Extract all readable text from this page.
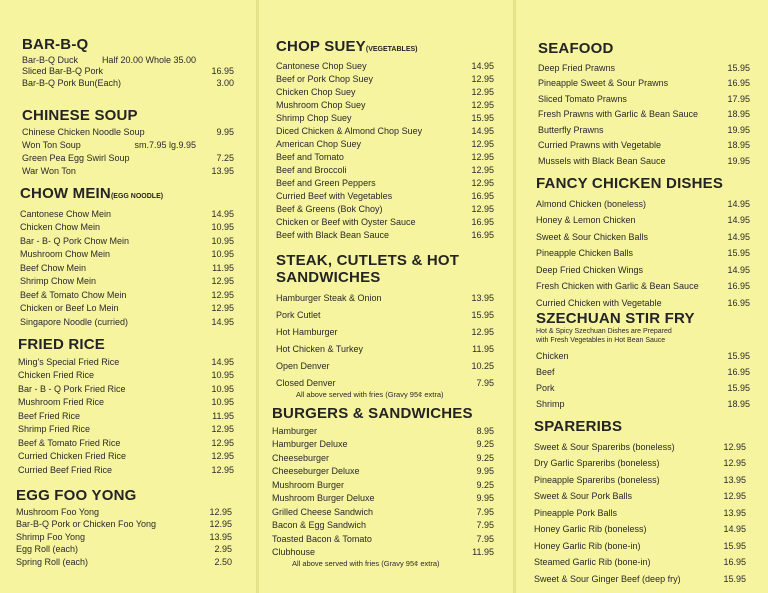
BAR-B-Q
Bar-B-Q Duck	Half 20.00 Whole 35.00
Sliced Bar-B-Q Pork	16.95
Bar-B-Q Pork Bun(Each)	3.00
CHINESE SOUP
Chinese Chicken Noodle Soup	9.95
Won Ton Soup	sm.7.95 lg.9.95
Green Pea Egg Swirl Soup	7.25
War Won Ton	13.95
CHOW MEIN(EGG NOODLE)
Cantonese Chow Mein	14.95
Chicken Chow Mein	10.95
Bar - B- Q Pork Chow Mein	10.95
Mushroom Chow Mein	10.95
Beef Chow Mein	11.95
Shrimp Chow Mein	12.95
Beef & Tomato Chow Mein	12.95
Chicken or Beef Lo Mein	12.95
Singapore Noodle (curried)	14.95
FRIED RICE
Ming's Special Fried Rice	14.95
Chicken Fried Rice	10.95
Bar - B - Q Pork Fried Rice	10.95
Mushroom Fried Rice	10.95
Beef Fried Rice	11.95
Shrimp Fried Rice	12.95
Beef & Tomato Fried Rice	12.95
Curried Chicken Fried Rice	12.95
Curried Beef Fried Rice	12.95
EGG FOO YONG
Mushroom Foo Yong	12.95
Bar-B-Q Pork or Chicken Foo Yong	12.95
Shrimp Foo Yong	13.95
Egg Roll (each)	2.95
Spring Roll (each)	2.50
CHOP SUEY(VEGETABLES)
Cantonese Chop Suey	14.95
Beef or Pork Chop Suey	12.95
Chicken Chop Suey	12.95
Mushroom Chop Suey	12.95
Shrimp Chop Suey	15.95
Diced Chicken & Almond Chop Suey	14.95
American Chop Suey	12.95
Beef and Tomato	12.95
Beef and Broccoli	12.95
Beef and Green Peppers	12.95
Curried Beef with Vegetables	16.95
Beef & Greens (Bok Choy)	12.95
Chicken or Beef with Oyster Sauce	16.95
Beef with Black Bean Sauce	16.95
STEAK, CUTLETS & HOT
SANDWICHES
Hamburger Steak & Onion	13.95
Pork Cutlet	15.95
Hot Hamburger	12.95
Hot Chicken & Turkey	11.95
Open Denver	10.25
Closed Denver	7.95
All above served with fries (Gravy 95¢ extra)
BURGERS & SANDWICHES
Hamburger	8.95
Hamburger Deluxe	9.25
Cheeseburger	9.25
Cheeseburger Deluxe	9.95
Mushroom Burger	9.25
Mushroom Burger Deluxe	9.95
Grilled Cheese Sandwich	7.95
Bacon & Egg Sandwich	7.95
Toasted Bacon & Tomato	7.95
Clubhouse	11.95
All above served with fries (Gravy 95¢ extra)
SEAFOOD
Deep Fried Prawns	15.95
Pineapple Sweet & Sour Prawns	16.95
Sliced Tomato Prawns	17.95
Fresh Prawns with Garlic & Bean Sauce	18.95
Butterfly Prawns	19.95
Curried Prawns with Vegetable	18.95
Mussels with Black Bean Sauce	19.95
FANCY CHICKEN DISHES
Almond Chicken (boneless)	14.95
Honey & Lemon Chicken	14.95
Sweet & Sour Chicken Balls	14.95
Pineapple Chicken Balls	15.95
Deep Fried Chicken Wings	14.95
Fresh Chicken with Garlic & Bean Sauce	16.95
Curried Chicken with Vegetable	16.95
SZECHUAN STIR FRY
Hot & Spicy Szechuan Dishes are Prepared
with Fresh Vegetables in Hot Bean Sauce
Chicken	15.95
Beef	16.95
Pork	15.95
Shrimp	18.95
SPARERIBS
Sweet & Sour Spareribs (boneless)	12.95
Dry Garlic Spareribs (boneless)	12.95
Pineapple Spareribs (boneless)	13.95
Sweet & Sour Pork Balls	12.95
Pineapple Pork Balls	13.95
Honey Garlic Rib (boneless)	14.95
Honey Garlic Rib (bone-in)	15.95
Steamed Garlic Rib (bone-in)	16.95
Sweet & Sour Ginger Beef (deep fry)	15.95
